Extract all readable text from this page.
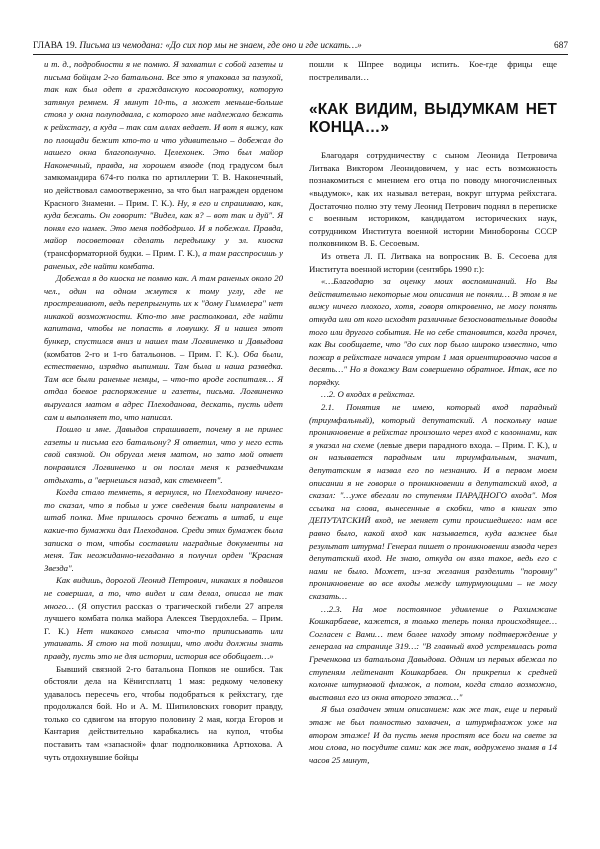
ГЛАВА 19. Письма из чемодана: «До сих пор мы не знаем, где оно и где искать…»	687

и т. д., подробности я не помню. Я захватил с собой газеты и письма бойцам 2-го батальона. Все это я упаковал за пазухой, так как был одет в гражданскую косоворотку, которую затянул ремнем. Я минут 10-ть, а может меньше-больше стоял у окна полуподвала, с которого мне надлежало бежать к рейхстагу, а куда – так сам аллах ведает. И вот я вижу, как по площади бежит кто-то и что удивительно – добежал до нашего окна благополучно. Целехонек. Это был майор Наконечный, правда, на хорошем взводе (под градусом был замкомандира 674-го полка по артиллерии Т. В. Наконечный, но действовал самоотверженно, за что был награжден орденом Красного Знамени. – Прим. Г. К.). Ну, я его и спрашиваю, как, куда бежать. Он говорит: "Видел, как я? – вот так и дуй". Я понял его намек. Это меня подбодрило. И я побежал. Правда, майор посоветовал сделать передышку у эл. киоска (трансформаторной будки. – Прим. Г. К.), а там расспросишь у раненых, где найти комбата.

Добежал я до киоска не помню как. А там раненых около 20 чел., один на одном жмутся к тому углу, где не простреливают, ведь перепрыгнуть их к "дому Гиммлера" нет никакой возможности. Кто-то мне растолковал, где найти капитана, чтобы не попасть в ловушку. Я и нашел этот бункер, спустился вниз и нашел там Логвиненко и Давыдова (комбатов 2-го и 1-го батальонов. – Прим. Г. К.). Оба были, естественно, изрядно выпимши. Там была и наша разведка. Там все были раненые немцы, – что-то вроде госпиталя… Я отдал боевое распоряжение и газеты, письма. Логвиненко выругался матом в адрес Плеходанова, дескать, пусть идет сам и выполняет то, что написал.

Пошло и мне. Давыдов спрашивает, почему я не принес газеты и письма его батальону? Я ответил, что у него есть свой связной. Он обругал меня матом, но зато мой ответ понравился Логвиненко и он послал меня к разведчикам отдыхать, а "вернешься назад, как стемнеет".

Когда стало темнеть, я вернулся, но Плеходанову ничего-то сказал, что я побыл и уже сведения были направлены в штаб полка. Мне пришлось срочно бежать в штаб, и еще какие-то бумажки дал Плеходанов. Среди этих бумажек была записка о том, чтобы составили наградные документы на меня. Так неожиданно-негаданно я получил орден "Красная Звезда".

Как видишь, дорогой Леонид Петрович, никаких я подвигов не совершал, а то, что видел и сам делал, описал не так много… (Я опустил рассказ о трагической гибели 27 апреля лучшего комбата полка майора Алексея Твердохлеба. – Прим. Г. К.) Нет никакого смысла что-то приписывать или утаивать. Я стою на той позиции, что люди должны знать правду, пусть это не для истории, история все обобщает…»

Бывший связной 2-го батальона Попков не ошибся. Так обстояли дела на Кёнигсплатц 1 мая: редкому человеку удавалось пересечь его, чтобы подобраться к рейхстагу, где продолжался бой. Но и А. М. Шипиловских говорит правду, только со сдвигом на вторую половину 2 мая, когда Егоров и Кантария действительно карабкались на купол, чтобы поставить там «запасной» флаг подполковника Артюхова. А чуть отдохнувшие бойцы

пошли к Шпрее водицы испить. Кое-где фрицы еще постреливали…

«КАК ВИДИМ, ВЫДУМКАМ НЕТ КОНЦА…»

Благодаря сотрудничеству с сыном Леонида Петровича Литвака Виктором Леонидовичем, у нас есть возможность познакомиться с мнением его отца по поводу многочисленных «выдумок», как их называл ветеран, вокруг штурма рейхстага. Достаточно полно эту тему Леонид Петрович поднял в переписке с военным историком, кандидатом исторических наук, сотрудником Института военной истории Минобороны СССР полковником В. Б. Сесоевым.

Из ответа Л. П. Литвака на вопросник В. Б. Сесоева для Института военной истории (сентябрь 1990 г.):

«…Благодарю за оценку моих воспоминаний. Но Вы действительно некоторые мои описания не поняли… В этом я не вижу ничего плохого, хотя, говоря откровенно, не могу понять откуда или от кого исходят различные безосновательные доводы того или другого события. Не но себе становится, когда прочел, как Вы сообщаете, что "до сих пор было широко известно, что пожар в рейхстаге начался утром 1 мая ориентировочно часов в десять…" Но я докажу Вам совершенно обратное. Итак, все по порядку.

…2. О входах в рейхстаг.

2.1. Понятия не имею, который вход парадный (триумфальный), который депутатский. А поскольку наше проникновение в рейхстаг произошло через вход с колоннами, как я указал на схеме (левые двери парадного входа. – Прим. Г. К.), и он называется парадным или триумфальным, значит, депутатским я назвал его по незнанию. И в первом моем описании я не говорил о проникновении в депутатский вход, а сказал: "…уже вбегали по ступеням ПАРАДНОГО входа". Моя ссылка на слова, вынесенные в скобки, что в книгах это ДЕПУТАТСКИЙ вход, не меняет сути происшедшего: нам все равно было, какой вход как называется, куда важнее был результат штурма! Генерал пишет о проникновении взвода через депутатский вход. Не знаю, откуда он взял такое, ведь его с нами не было. Может, из-за желания разделить "поровну" проникновение во все входы между штурмующими – не могу сказать…

…2.3. На мое постоянное удивление о Рахимжане Кошкарбаеве, кажется, я только теперь понял происходящее… Согласен с Вами… тем более находу этому подтверждение у генерала на странице 319…: "В главный вход устремилась рота Греченкова из батальона Давыдова. Одним из первых вбежал по ступеням лейтенант Кошкарбаев. Он прикрепил к средней колонне штурмовой флажок, а потом, когда стало возможно, выставил его из окна второго этажа…"

Я был озадачен этим описанием: как же так, еще и первый этаж не был полностью захвачен, а штурмфлажок уже на втором этаже! И да пусть меня простят все боги на свете за мои слова, но посудите сами: как же так, водружено знамя в 14 часов 25 минут,
